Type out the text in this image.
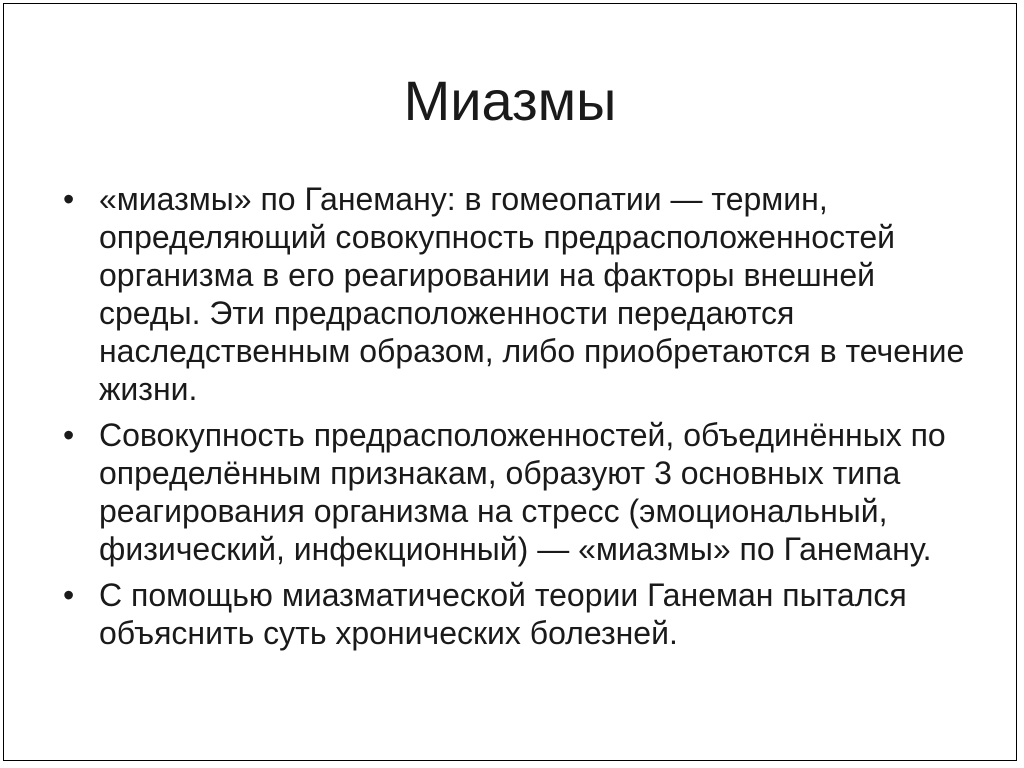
Миазмы
• «миазмы» по Ганеману: в гомеопатии — термин, определяющий совокупность предрасположенностей организма в его реагировании на факторы внешней среды. Эти предрасположенности передаются наследственным образом, либо приобретаются в течение жизни.
• Совокупность предрасположенностей, объединённых по определённым признакам, образуют 3 основных типа реагирования организма на стресс (эмоциональный, физический, инфекционный) — «миазмы» по Ганеману.
• С помощью миазматической теории Ганеман пытался объяснить суть хронических болезней.
